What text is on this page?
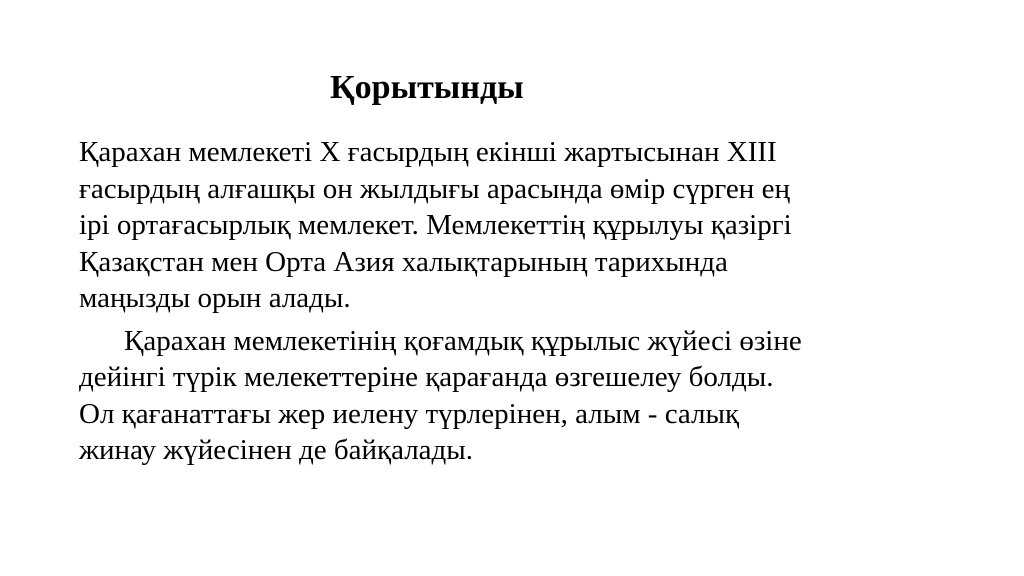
Қорытынды

Қарахан мемлекеті X ғасырдың екінші жартысынан XIII
ғасырдың алғашқы он жылдығы арасында өмір сүрген ең
ірі ортағасырлық мемлекет. Мемлекеттің құрылуы қазіргі
Қазақстан мен Орта Азия халықтарының тарихында
маңызды орын алады.

Қарахан мемлекетінің қоғамдық құрылыс жүйесі өзіне
дейінгі түрік мелекеттеріне қарағанда өзгешелеу болды.
Ол қағанаттағы жер иелену түрлерінен, алым - салық
жинау жүйесінен де байқалады.
